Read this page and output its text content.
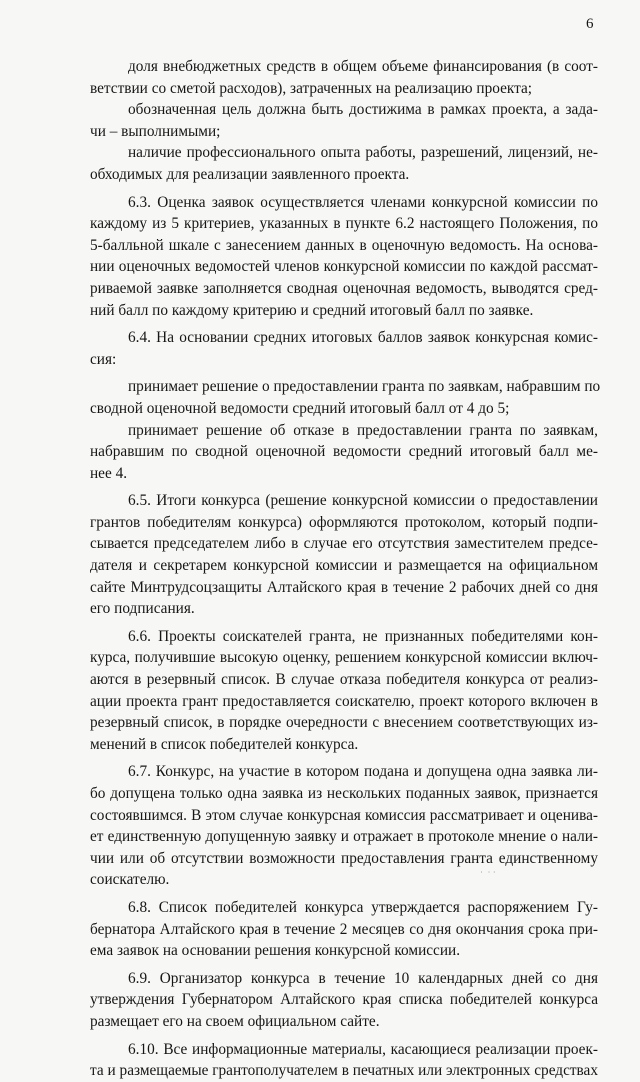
6
доля внебюджетных средств в общем объеме финансирования (в соот-
ветствии со сметой расходов), затраченных на реализацию проекта;
обозначенная цель должна быть достижима в рамках проекта, а зада-
чи – выполнимыми;
наличие профессионального опыта работы, разрешений, лицензий, не-
обходимых для реализации заявленного проекта.
6.3. Оценка заявок осуществляется членами конкурсной комиссии по
каждому из 5 критериев, указанных в пункте 6.2 настоящего Положения, по
5-балльной шкале с занесением данных в оценочную ведомость. На основа-
нии оценочных ведомостей членов конкурсной комиссии по каждой рассмат-
риваемой заявке заполняется сводная оценочная ведомость, выводятся сред-
ний балл по каждому критерию и средний итоговый балл по заявке.
6.4. На основании средних итоговых баллов заявок конкурсная комис-
сия:
принимает решение о предоставлении гранта по заявкам, набравшим по
сводной оценочной ведомости средний итоговый балл от 4 до 5;
принимает решение об отказе в предоставлении гранта по заявкам,
набравшим по сводной оценочной ведомости средний итоговый балл ме-
нее 4.
6.5. Итоги конкурса (решение конкурсной комиссии о предоставлении
грантов победителям конкурса) оформляются протоколом, который подпи-
сывается председателем либо в случае его отсутствия заместителем предсе-
дателя и секретарем конкурсной комиссии и размещается на официальном
сайте Минтрудсоцзащиты Алтайского края в течение 2 рабочих дней со дня
его подписания.
6.6. Проекты соискателей гранта, не признанных победителями кон-
курса, получившие высокую оценку, решением конкурсной комиссии включ-
аются в резервный список. В случае отказа победителя конкурса от реализ-
ации проекта грант предоставляется соискателю, проект которого включен в
резервный список, в порядке очередности с внесением соответствующих из-
менений в список победителей конкурса.
6.7. Конкурс, на участие в котором подана и допущена одна заявка ли-
бо допущена только одна заявка из нескольких поданных заявок, признается
состоявшимся. В этом случае конкурсная комиссия рассматривает и оценива-
ет единственную допущенную заявку и отражает в протоколе мнение о нали-
чии или об отсутствии возможности предоставления гранта единственному
соискателю.
6.8. Список победителей конкурса утверждается распоряжением Гу-
бернатора Алтайского края в течение 2 месяцев со дня окончания срока при-
ема заявок на основании решения конкурсной комиссии.
6.9. Организатор конкурса в течение 10 календарных дней со дня
утверждения Губернатором Алтайского края списка победителей конкурса
размещает его на своем официальном сайте.
6.10. Все информационные материалы, касающиеся реализации проек-
та и размещаемые грантополучателем в печатных или электронных средствах
˙  ˙ ˙
